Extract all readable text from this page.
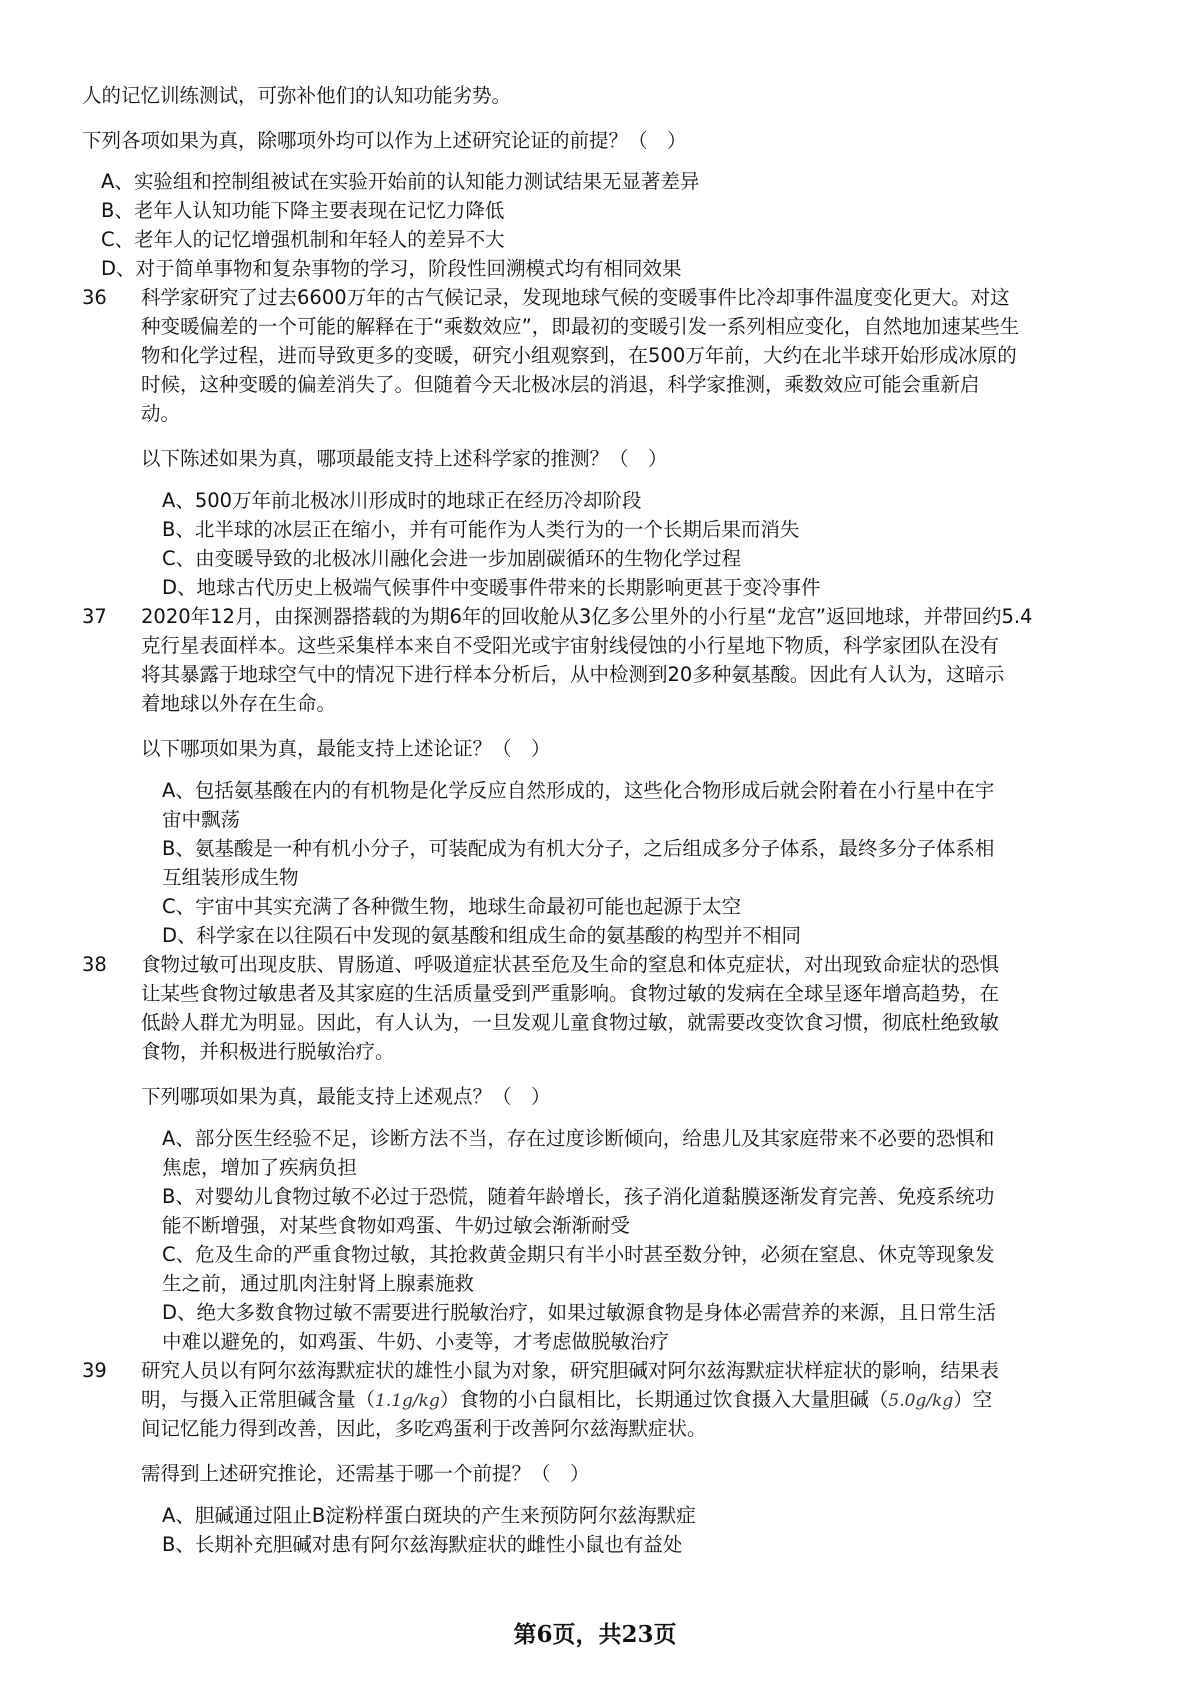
人的记忆训练测试，可弥补他们的认知功能劣势。
下列各项如果为真，除哪项外均可以作为上述研究论证的前提？（　）
A、实验组和控制组被试在实验开始前的认知能力测试结果无显著差异
B、老年人认知功能下降主要表现在记忆力降低
C、老年人的记忆增强机制和年轻人的差异不大
D、对于简单事物和复杂事物的学习，阶段性回溯模式均有相同效果
36 科学家研究了过去6600万年的古气候记录，发现地球气候的变暖事件比冷却事件温度变化更大。对这
种变暖偏差的一个可能的解释在于“乘数效应”，即最初的变暖引发一系列相应变化，自然地加速某些生
物和化学过程，进而导致更多的变暖，研究小组观察到，在500万年前，大约在北半球开始形成冰原的
时候，这种变暖的偏差消失了。但随着今天北极冰层的消退，科学家推测，乘数效应可能会重新启
动。
以下陈述如果为真，哪项最能支持上述科学家的推测？（　）
A、500万年前北极冰川形成时的地球正在经历冷却阶段
B、北半球的冰层正在缩小，并有可能作为人类行为的一个长期后果而消失
C、由变暖导致的北极冰川融化会进一步加剧碳循环的生物化学过程
D、地球古代历史上极端气候事件中变暖事件带来的长期影响更甚于变冷事件
37 2020年12月，由探测器搭载的为期6年的回收舱从3亿多公里外的小行星“龙宫”返回地球，并带回约5.4
克行星表面样本。这些采集样本来自不受阳光或宇宙射线侵蚀的小行星地下物质，科学家团队在没有
将其暴露于地球空气中的情况下进行样本分析后，从中检测到20多种氨基酸。因此有人认为，这暗示
着地球以外存在生命。
以下哪项如果为真，最能支持上述论证？（　）
A、包括氨基酸在内的有机物是化学反应自然形成的，这些化合物形成后就会附着在小行星中在宇
宙中飘荡
B、氨基酸是一种有机小分子，可装配成为有机大分子，之后组成多分子体系，最终多分子体系相
互组装形成生物
C、宇宙中其实充满了各种微生物，地球生命最初可能也起源于太空
D、科学家在以往陨石中发现的氨基酸和组成生命的氨基酸的构型并不相同
38 食物过敏可出现皮肤、胃肠道、呼吸道症状甚至危及生命的窒息和体克症状，对出现致命症状的恐惧
让某些食物过敏患者及其家庭的生活质量受到严重影响。食物过敏的发病在全球呈逐年增高趋势，在
低龄人群尤为明显。因此，有人认为，一旦发观儿童食物过敏，就需要改变饮食习惯，彻底杜绝致敏
食物，并积极进行脱敏治疗。
下列哪项如果为真，最能支持上述观点？（　）
A、部分医生经验不足，诊断方法不当，存在过度诊断倾向，给患儿及其家庭带来不必要的恐惧和
焦虑，增加了疾病负担
B、对婴幼儿食物过敏不必过于恐慌，随着年龄增长，孩子消化道黏膜逐渐发育完善、免疫系统功
能不断增强，对某些食物如鸡蛋、牛奶过敏会渐渐耐受
C、危及生命的严重食物过敏，其抢救黄金期只有半小时甚至数分钟，必须在窒息、休克等现象发
生之前，通过肌肉注射肾上腺素施救
D、绝大多数食物过敏不需要进行脱敏治疗，如果过敏源食物是身体必需营养的来源，且日常生活
中难以避免的，如鸡蛋、牛奶、小麦等，才考虑做脱敏治疗
39 研究人员以有阿尔兹海默症状的雄性小鼠为对象，研究胆碱对阿尔兹海默症状样症状的影响，结果表
明，与摄入正常胆碱含量（1.1g/kg）食物的小白鼠相比，长期通过饮食摄入大量胆碱（5.0g/kg）空
间记忆能力得到改善，因此，多吃鸡蛋利于改善阿尔兹海默症状。
需得到上述研究推论，还需基于哪一个前提？（　）
A、胆碱通过阻止B淀粉样蛋白斑块的产生来预防阿尔兹海默症
B、长期补充胆碱对患有阿尔兹海默症状的雌性小鼠也有益处
第6页，共23页
